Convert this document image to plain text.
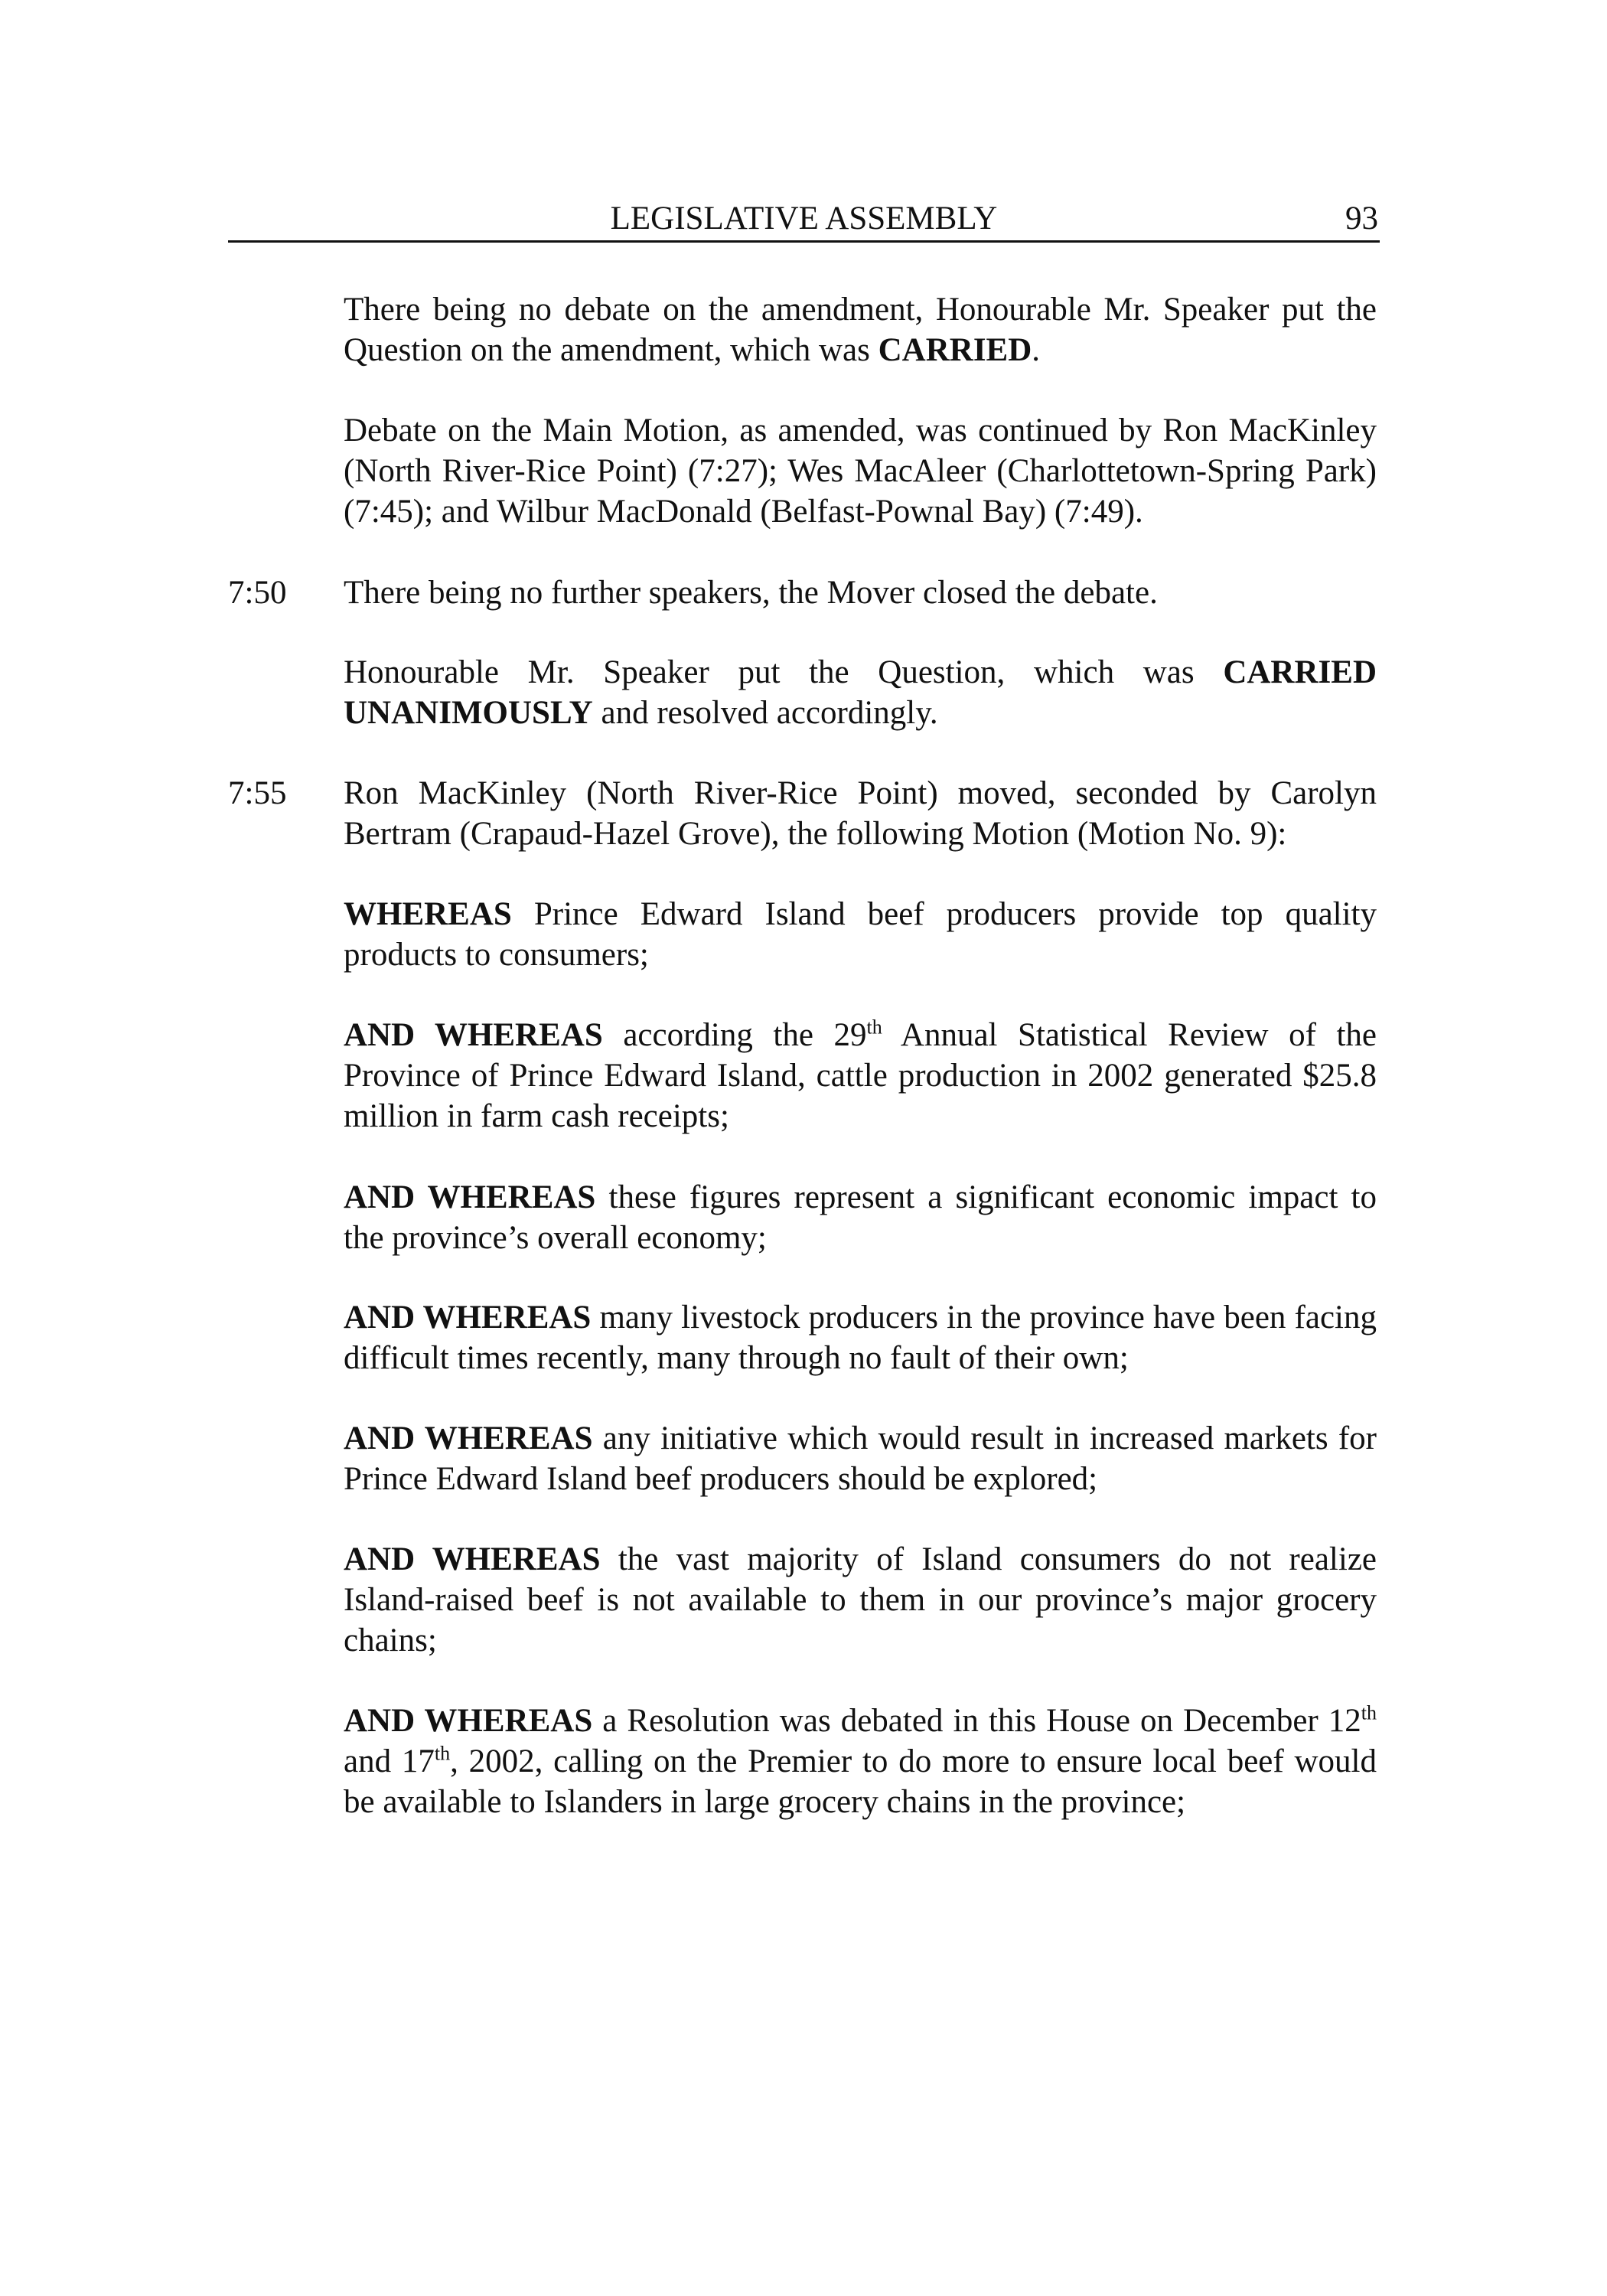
LEGISLATIVE ASSEMBLY	93

There being no debate on the amendment, Honourable Mr. Speaker put the Question on the amendment, which was CARRIED.

Debate on the Main Motion, as amended, was continued by Ron MacKinley (North River-Rice Point) (7:27); Wes MacAleer (Charlottetown-Spring Park) (7:45); and Wilbur MacDonald (Belfast-Pownal Bay) (7:49).

7:50 There being no further speakers, the Mover closed the debate.

Honourable Mr. Speaker put the Question, which was CARRIED UNANIMOUSLY and resolved accordingly.

7:55 Ron MacKinley (North River-Rice Point) moved, seconded by Carolyn Bertram (Crapaud-Hazel Grove), the following Motion (Motion No. 9):

WHEREAS Prince Edward Island beef producers provide top quality products to consumers;

AND WHEREAS according the 29th Annual Statistical Review of the Province of Prince Edward Island, cattle production in 2002 generated $25.8 million in farm cash receipts;

AND WHEREAS these figures represent a significant economic impact to the province’s overall economy;

AND WHEREAS many livestock producers in the province have been facing difficult times recently, many through no fault of their own;

AND WHEREAS any initiative which would result in increased markets for Prince Edward Island beef producers should be explored;

AND WHEREAS the vast majority of Island consumers do not realize Island-raised beef is not available to them in our province’s major grocery chains;

AND WHEREAS a Resolution was debated in this House on December 12th and 17th, 2002, calling on the Premier to do more to ensure local beef would be available to Islanders in large grocery chains in the province;
